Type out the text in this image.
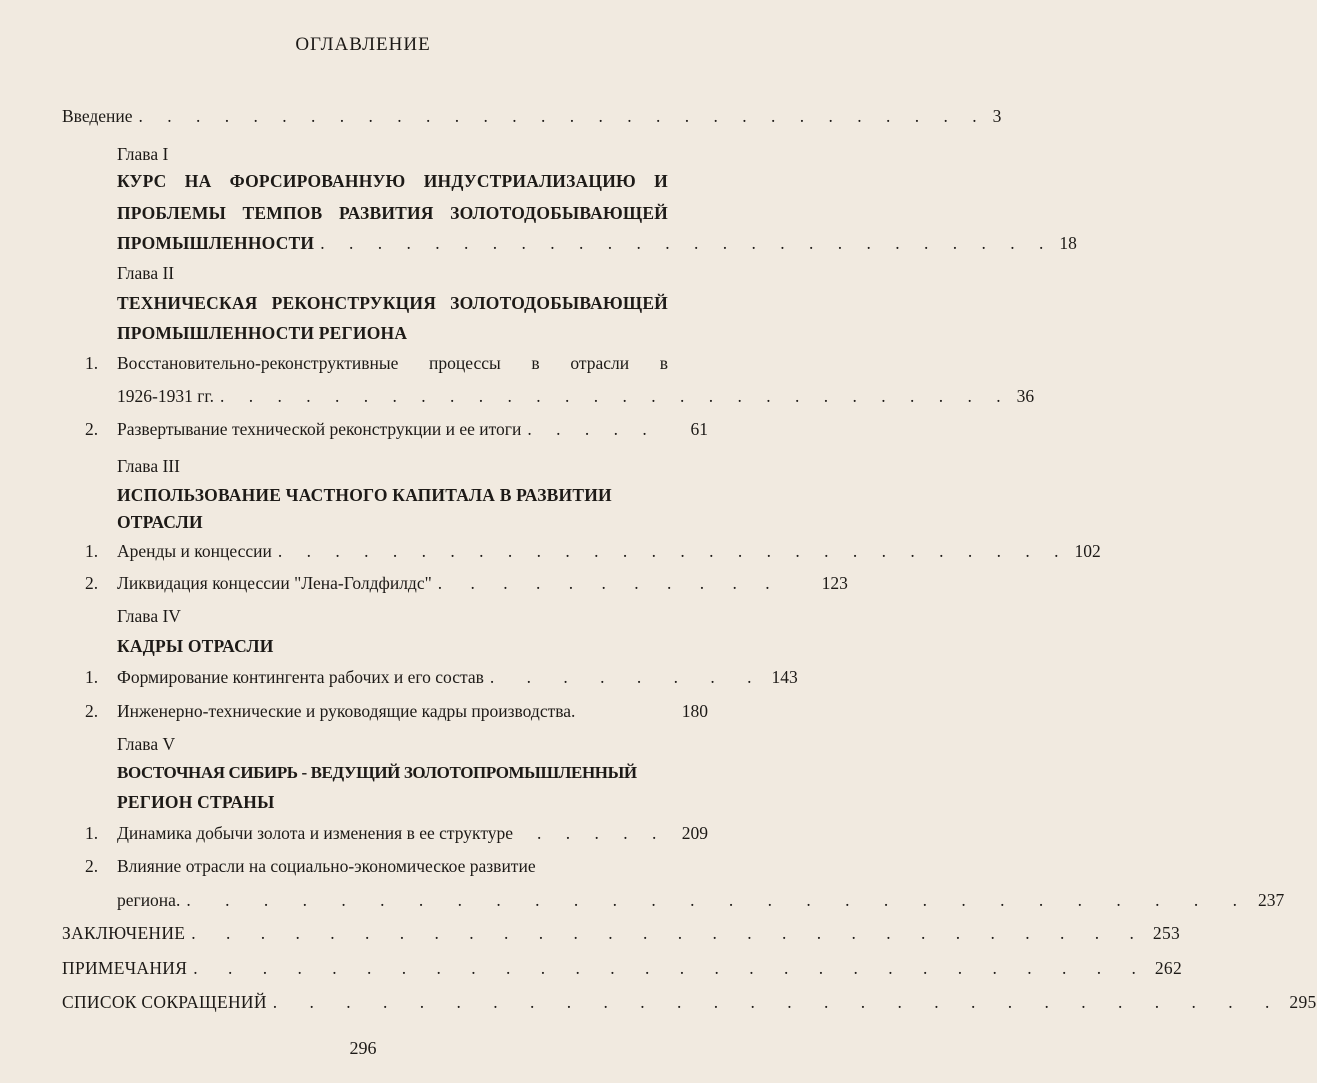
ОГЛАВЛЕНИЕ
Введение . . . . . . . . . . . . . . . . . . . . . . . . . . . . . . 3
Глава I
КУРС НА ФОРСИРОВАННУЮ ИНДУСТРИАЛИЗАЦИЮ И
ПРОБЛЕМЫ ТЕМПОВ РАЗВИТИЯ ЗОЛОТОДОБЫВАЮЩЕЙ
ПРОМЫШЛЕННОСТИ . . . . . . . . . . . . . . . . . . . . . . . . . . 18
Глава II
ТЕХНИЧЕСКАЯ РЕКОНСТРУКЦИЯ ЗОЛОТОДОБЫВАЮЩЕЙ
ПРОМЫШЛЕННОСТИ РЕГИОНА
1. Восстановительно-реконструктивные процессы в отрасли в
1926-1931 гг. . . . . . . . . . . . . . . . . . . . . . . . . . . . . 36
2. Развертывание технической реконструкции и ее итоги . . . . .	61
Глава III
ИСПОЛЬЗОВАНИЕ ЧАСТНОГО КАПИТАЛА В РАЗВИТИИ
ОТРАСЛИ
1. Аренды и концессии . . . . . . . . . . . . . . . . . . . . . . . . . . . . 102
2. Ликвидация концессии "Лена-Голдфилдс" . . . . . . . . . . . 123
Глава IV
КАДРЫ ОТРАСЛИ
1. Формирование контингента рабочих и его состав . . . . . . . . 143
2. Инженерно-технические и руководящие кадры производства.	180
Глава V
ВОСТОЧНАЯ СИБИРЬ - ВЕДУЩИЙ ЗОЛОТОПРОМЫШЛЕННЫЙ
РЕГИОН СТРАНЫ
1. Динамика добычи золота и изменения в ее структуре . . . . . 209
2. Влияние отрасли на социально-экономическое развитие
региона. . . . . . . . . . . . . . . . . . . . . . . . . . . . . 237
ЗАКЛЮЧЕНИЕ . . . . . . . . . . . . . . . . . . . . . . . . . . . . 253
ПРИМЕЧАНИЯ . . . . . . . . . . . . . . . . . . . . . . . . . . . . 262
СПИСОК СОКРАЩЕНИЙ . . . . . . . . . . . . . . . . . . . . . . . . . . . . 295
296
